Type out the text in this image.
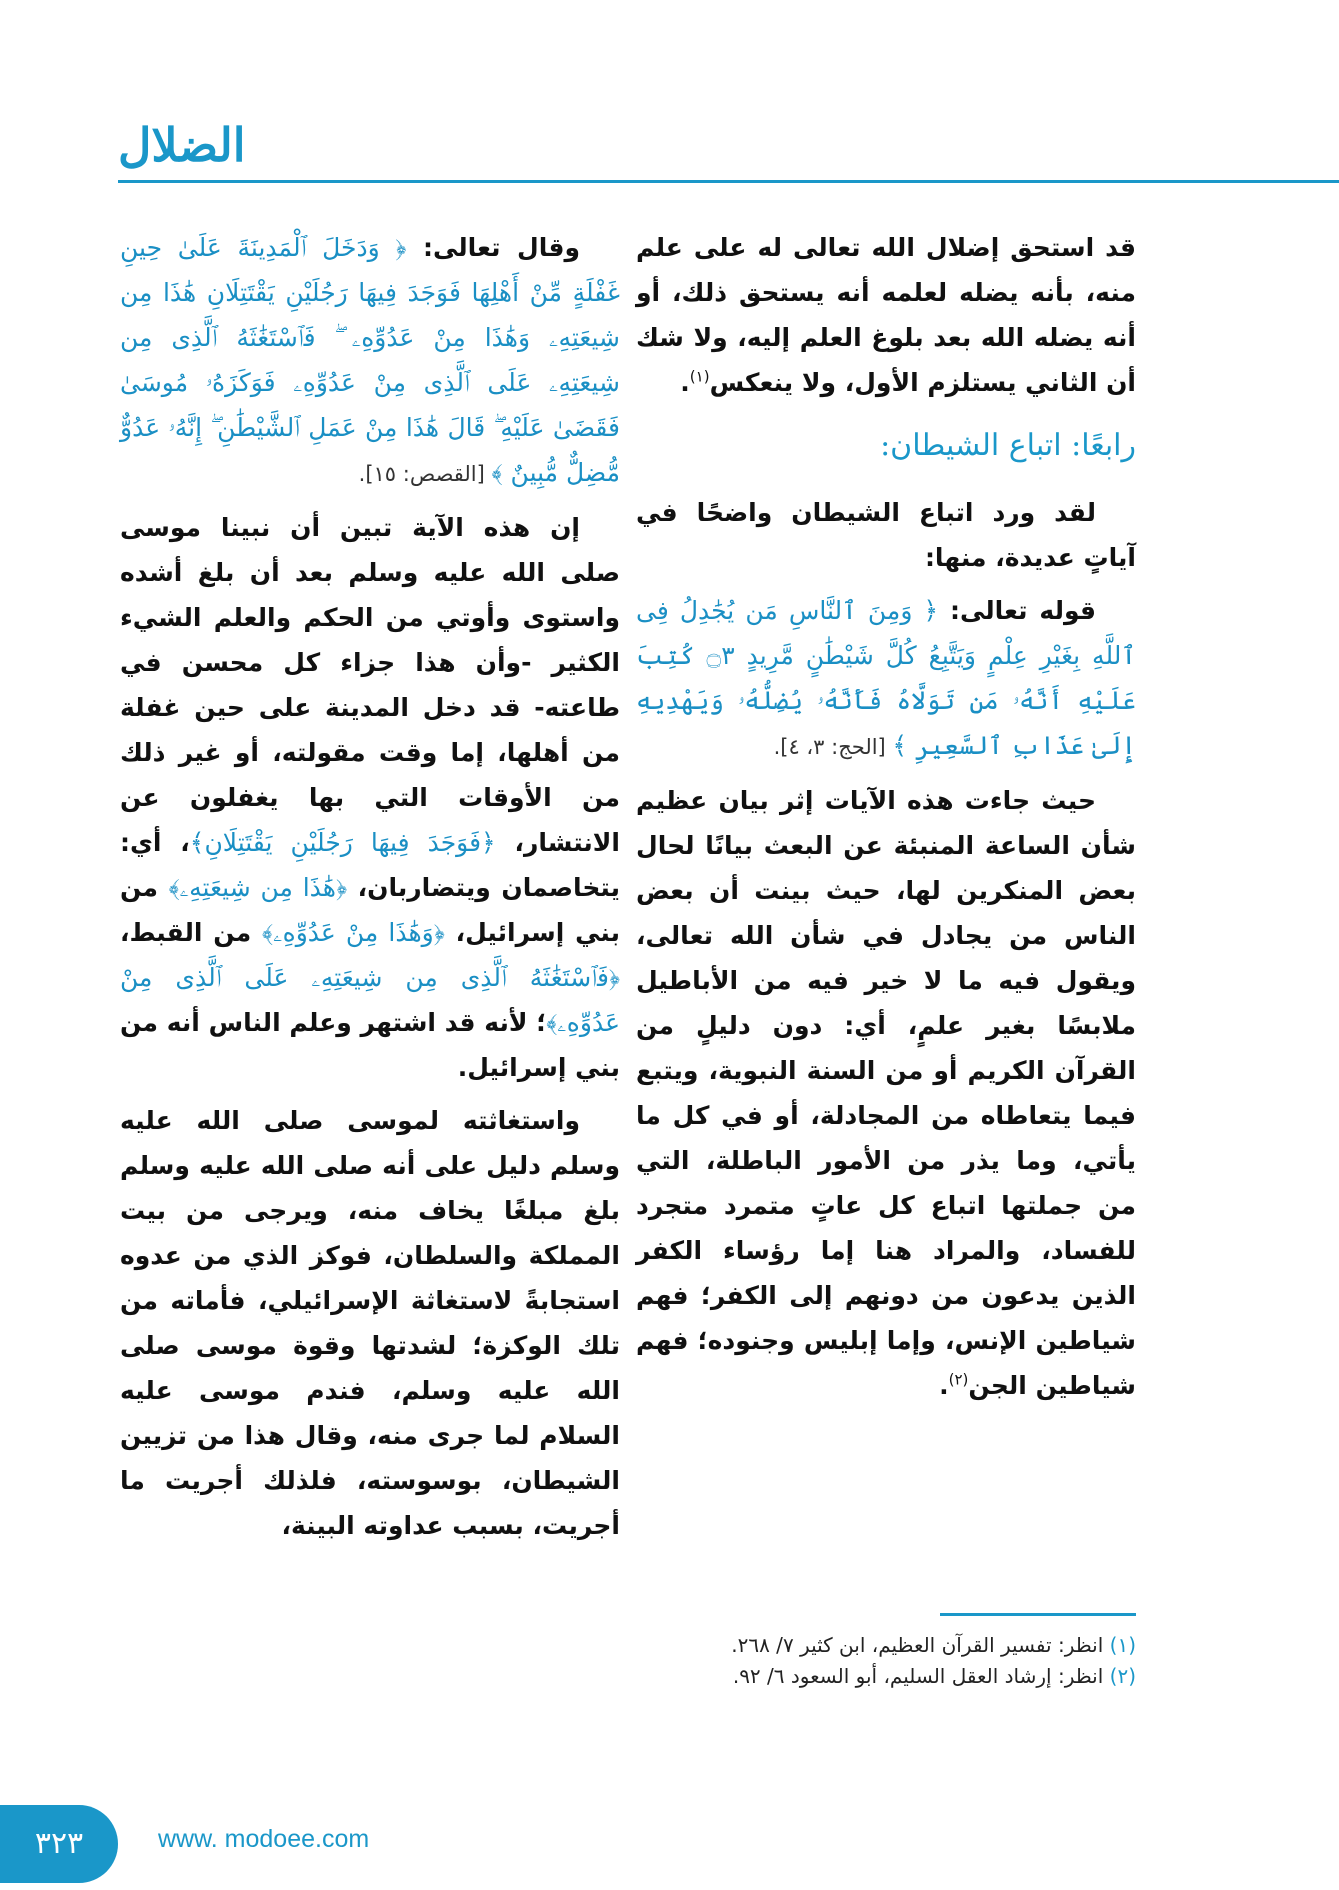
الضلال

قد استحق إضلال الله تعالى له على علم منه، بأنه يضله لعلمه أنه يستحق ذلك، أو أنه يضله الله بعد بلوغ العلم إليه، ولا شك أن الثاني يستلزم الأول، ولا ينعكس$^{(١)}$.

رابعًا: اتباع الشيطان:

لقد ورد اتباع الشيطان واضحًا في آياتٍ عديدة، منها:

قوله تعالى: ﴿ وَمِنَ ٱلنَّاسِ مَن يُجَٰدِلُ فِى ٱللَّهِ بِغَيْرِ عِلْمٍ وَيَتَّبِعُ كُلَّ شَيْطَٰنٍ مَّرِيدٍ ۝٣ كُتِبَ عَلَيْهِ أَنَّهُۥ مَن تَوَلَّاهُ فَأَنَّهُۥ يُضِلُّهُۥ وَيَهْدِيهِ إِلَىٰ عَذَابِ ٱلسَّعِيرِ ﴾ [الحج: ٣، ٤].

حيث جاءت هذه الآيات إثر بيان عظيم شأن الساعة المنبئة عن البعث بيانًا لحال بعض المنكرين لها، حيث بينت أن بعض الناس من يجادل في شأن الله تعالى، ويقول فيه ما لا خير فيه من الأباطيل ملابسًا بغير علمٍ، أي: دون دليلٍ من القرآن الكريم أو من السنة النبوية، ويتبع فيما يتعاطاه من المجادلة، أو في كل ما يأتي، وما يذر من الأمور الباطلة، التي من جملتها اتباع كل عاتٍ متمرد متجرد للفساد، والمراد هنا إما رؤساء الكفر الذين يدعون من دونهم إلى الكفر؛ فهم شياطين الإنس، وإما إبليس وجنوده؛ فهم شياطين الجن$^{(٢)}$.

وقال تعالى: ﴿ وَدَخَلَ ٱلْمَدِينَةَ عَلَىٰ حِينِ غَفْلَةٍ مِّنْ أَهْلِهَا فَوَجَدَ فِيهَا رَجُلَيْنِ يَقْتَتِلَانِ هَٰذَا مِن شِيعَتِهِۦ وَهَٰذَا مِنْ عَدُوِّهِۦ ۖ فَٱسْتَغَٰثَهُ ٱلَّذِى مِن شِيعَتِهِۦ عَلَى ٱلَّذِى مِنْ عَدُوِّهِۦ فَوَكَزَهُۥ مُوسَىٰ فَقَضَىٰ عَلَيْهِ ۖ قَالَ هَٰذَا مِنْ عَمَلِ ٱلشَّيْطَٰنِ ۖ إِنَّهُۥ عَدُوٌّ مُّضِلٌّ مُّبِينٌ ﴾ [القصص: ١٥].

إن هذه الآية تبين أن نبينا موسى صلى الله عليه وسلم بعد أن بلغ أشده واستوى وأوتي من الحكم والعلم الشيء الكثير -وأن هذا جزاء كل محسن في طاعته- قد دخل المدينة على حين غفلة من أهلها، إما وقت مقولته، أو غير ذلك من الأوقات التي بها يغفلون عن الانتشار، ﴿فَوَجَدَ فِيهَا رَجُلَيْنِ يَقْتَتِلَانِ﴾، أي: يتخاصمان ويتضاربان، ﴿هَٰذَا مِن شِيعَتِهِۦ﴾ من بني إسرائيل، ﴿وَهَٰذَا مِنْ عَدُوِّهِۦ﴾ من القبط، ﴿فَٱسْتَغَٰثَهُ ٱلَّذِى مِن شِيعَتِهِۦ عَلَى ٱلَّذِى مِنْ عَدُوِّهِۦ﴾؛ لأنه قد اشتهر وعلم الناس أنه من بني إسرائيل.

واستغاثته لموسى صلى الله عليه وسلم دليل على أنه صلى الله عليه وسلم بلغ مبلغًا يخاف منه، ويرجى من بيت المملكة والسلطان، فوكز الذي من عدوه استجابةً لاستغاثة الإسرائيلي، فأماته من تلك الوكزة؛ لشدتها وقوة موسى صلى الله عليه وسلم، فندم موسى عليه السلام لما جرى منه، وقال هذا من تزيين الشيطان، بوسوسته، فلذلك أجريت ما أجريت، بسبب عداوته البينة،

(١) انظر: تفسير القرآن العظيم، ابن كثير ٧/ ٢٦٨.
(٢) انظر: إرشاد العقل السليم، أبو السعود ٦/ ٩٢.
٣٢٣	www. modoee.com
